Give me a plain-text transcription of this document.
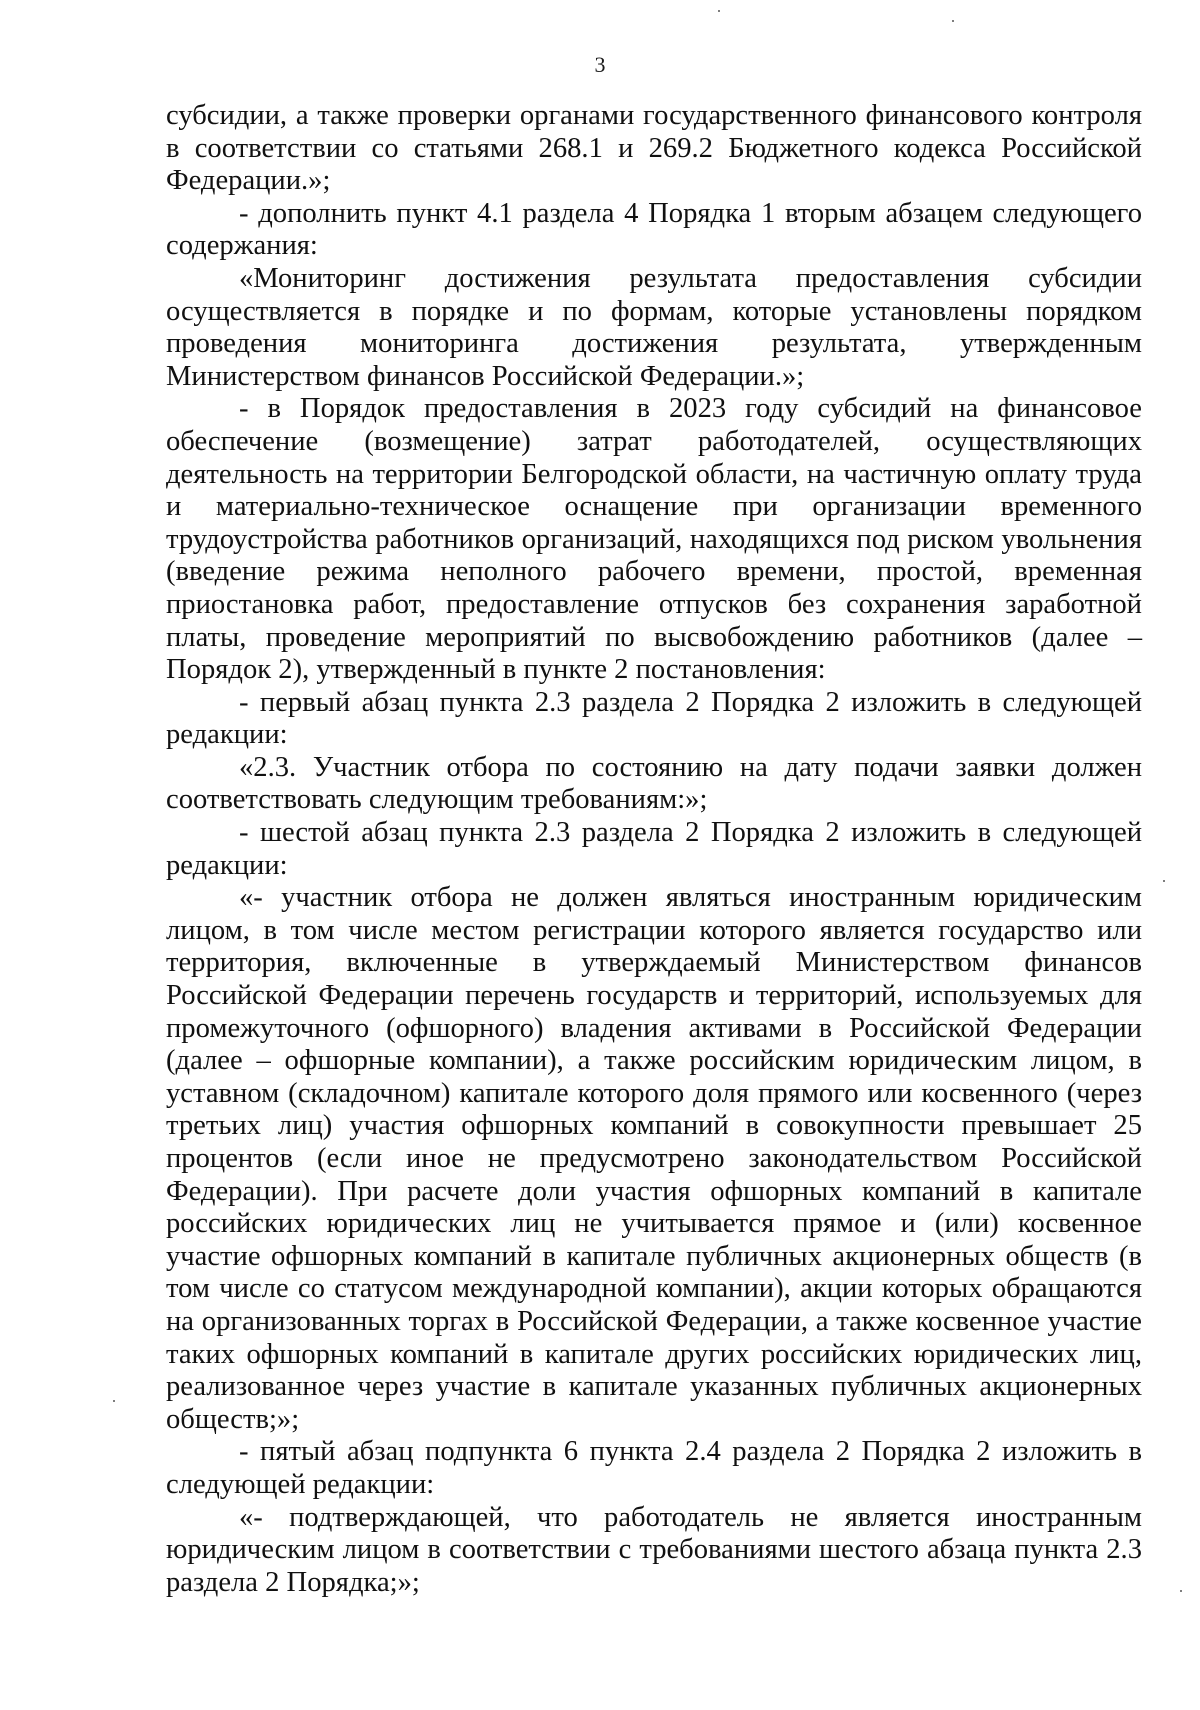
3

субсидии, а также проверки органами государственного финансового контроля в соответствии со статьями 268.1 и 269.2 Бюджетного кодекса Российской Федерации.»;

- дополнить пункт 4.1 раздела 4 Порядка 1 вторым абзацем следующего содержания:

«Мониторинг достижения результата предоставления субсидии осуществляется в порядке и по формам, которые установлены порядком проведения мониторинга достижения результата, утвержденным Министерством финансов Российской Федерации.»;

- в Порядок предоставления в 2023 году субсидий на финансовое обеспечение (возмещение) затрат работодателей, осуществляющих деятельность на территории Белгородской области, на частичную оплату труда и материально-техническое оснащение при организации временного трудоустройства работников организаций, находящихся под риском увольнения (введение режима неполного рабочего времени, простой, временная приостановка работ, предоставление отпусков без сохранения заработной платы, проведение мероприятий по высвобождению работников (далее – Порядок 2), утвержденный в пункте 2 постановления:

- первый абзац пункта 2.3 раздела 2 Порядка 2 изложить в следующей редакции:

«2.3. Участник отбора по состоянию на дату подачи заявки должен соответствовать следующим требованиям:»;

- шестой абзац пункта 2.3 раздела 2 Порядка 2 изложить в следующей редакции:

«- участник отбора не должен являться иностранным юридическим лицом, в том числе местом регистрации которого является государство или территория, включенные в утверждаемый Министерством финансов Российской Федерации перечень государств и территорий, используемых для промежуточного (офшорного) владения активами в Российской Федерации (далее – офшорные компании), а также российским юридическим лицом, в уставном (складочном) капитале которого доля прямого или косвенного (через третьих лиц) участия офшорных компаний в совокупности превышает 25 процентов (если иное не предусмотрено законодательством Российской Федерации). При расчете доли участия офшорных компаний в капитале российских юридических лиц не учитывается прямое и (или) косвенное участие офшорных компаний в капитале публичных акционерных обществ (в том числе со статусом международной компании), акции которых обращаются на организованных торгах в Российской Федерации, а также косвенное участие таких офшорных компаний в капитале других российских юридических лиц, реализованное через участие в капитале указанных публичных акционерных обществ;»;

- пятый абзац подпункта 6 пункта 2.4 раздела 2 Порядка 2 изложить в следующей редакции:

«- подтверждающей, что работодатель не является иностранным юридическим лицом в соответствии с требованиями шестого абзаца пункта 2.3 раздела 2 Порядка;»;
